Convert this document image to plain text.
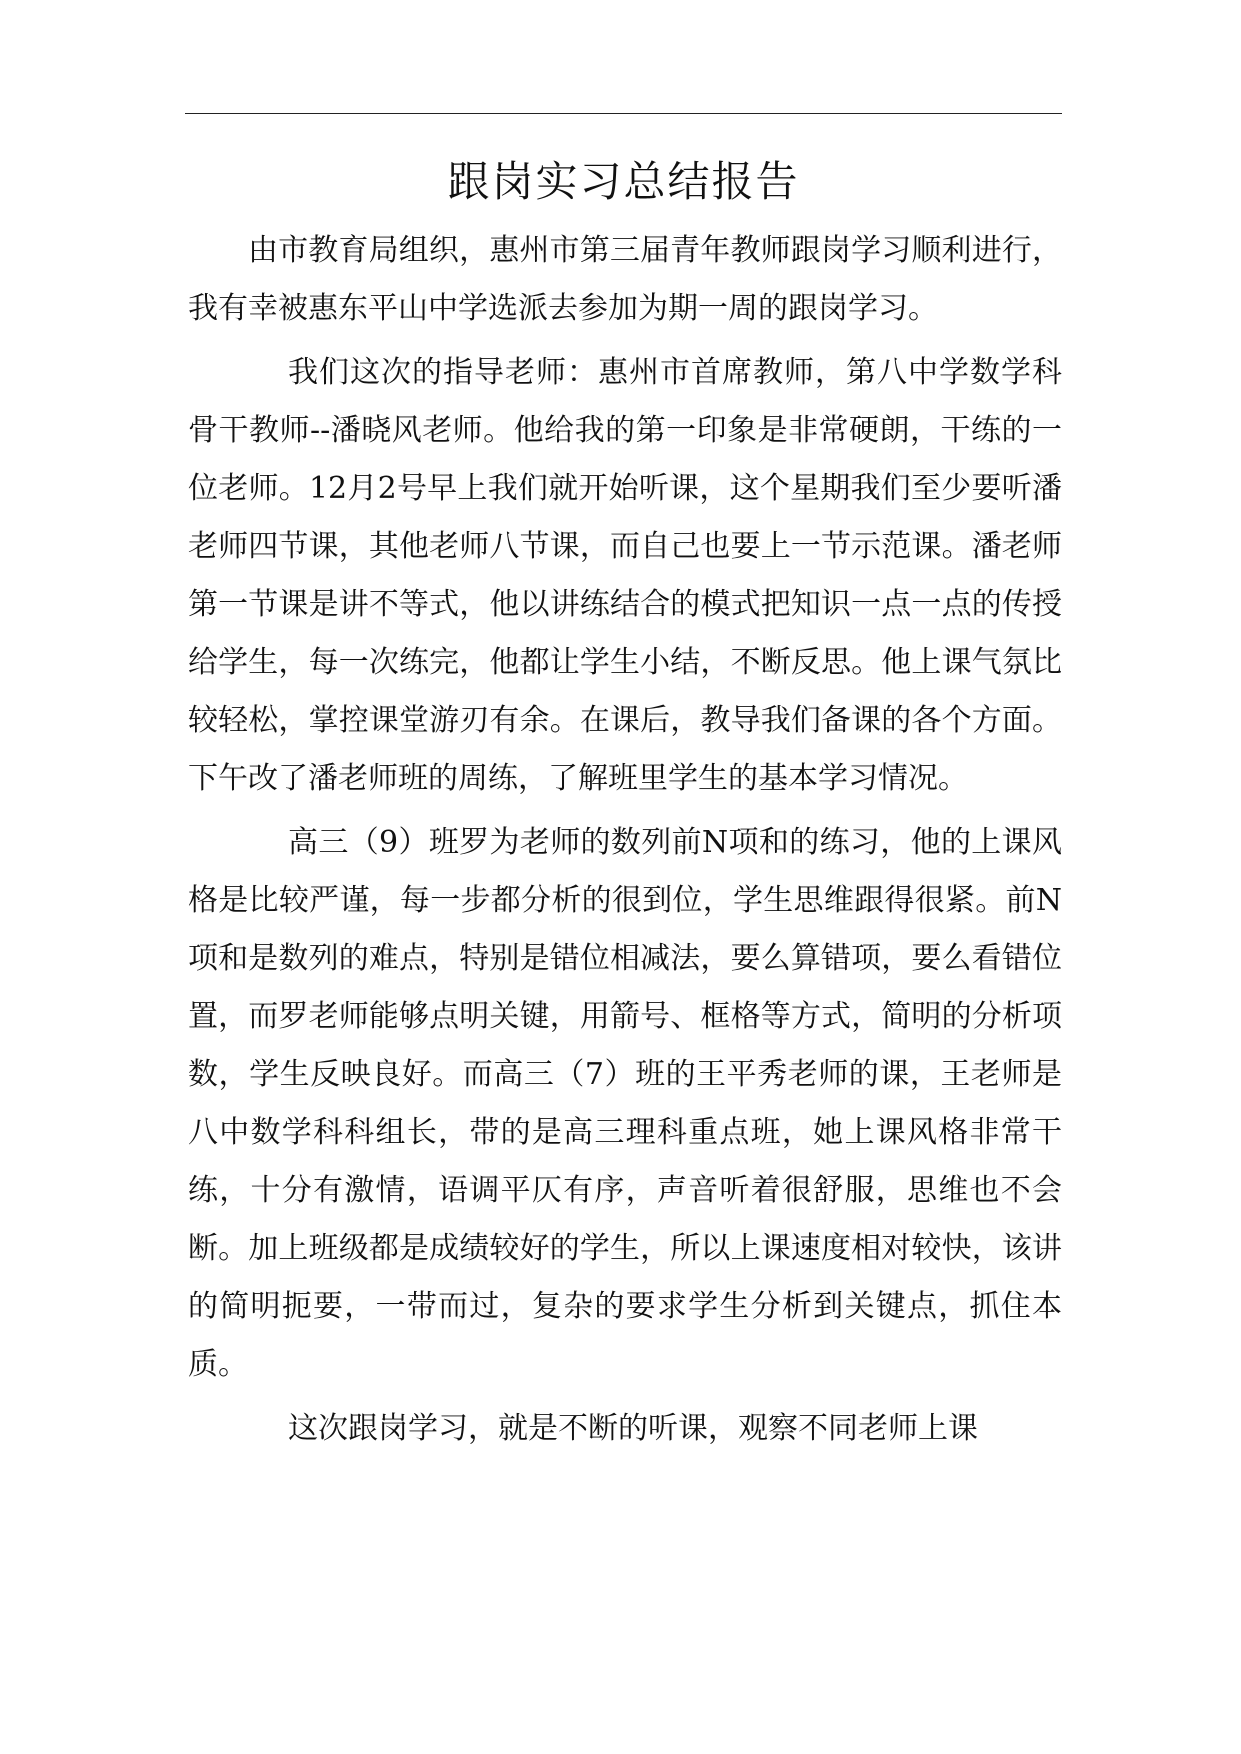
跟岗实习总结报告

由市教育局组织，惠州市第三届青年教师跟岗学习顺利进行，我有幸被惠东平山中学选派去参加为期一周的跟岗学习。

我们这次的指导老师：惠州市首席教师，第八中学数学科骨干教师--潘晓风老师。他给我的第一印象是非常硬朗，干练的一位老师。12月2号早上我们就开始听课，这个星期我们至少要听潘老师四节课，其他老师八节课，而自己也要上一节示范课。潘老师第一节课是讲不等式，他以讲练结合的模式把知识一点一点的传授给学生，每一次练完，他都让学生小结，不断反思。他上课气氛比较轻松，掌控课堂游刃有余。在课后，教导我们备课的各个方面。下午改了潘老师班的周练，了解班里学生的基本学习情况。

高三（9）班罗为老师的数列前N项和的练习，他的上课风格是比较严谨，每一步都分析的很到位，学生思维跟得很紧。前N项和是数列的难点，特别是错位相减法，要么算错项，要么看错位置，而罗老师能够点明关键，用箭号、框格等方式，简明的分析项数，学生反映良好。而高三（7）班的王平秀老师的课，王老师是八中数学科科组长，带的是高三理科重点班，她上课风格非常干练，十分有激情，语调平仄有序，声音听着很舒服，思维也不会断。加上班级都是成绩较好的学生，所以上课速度相对较快，该讲的简明扼要，一带而过，复杂的要求学生分析到关键点，抓住本质。

这次跟岗学习，就是不断的听课，观察不同老师上课
